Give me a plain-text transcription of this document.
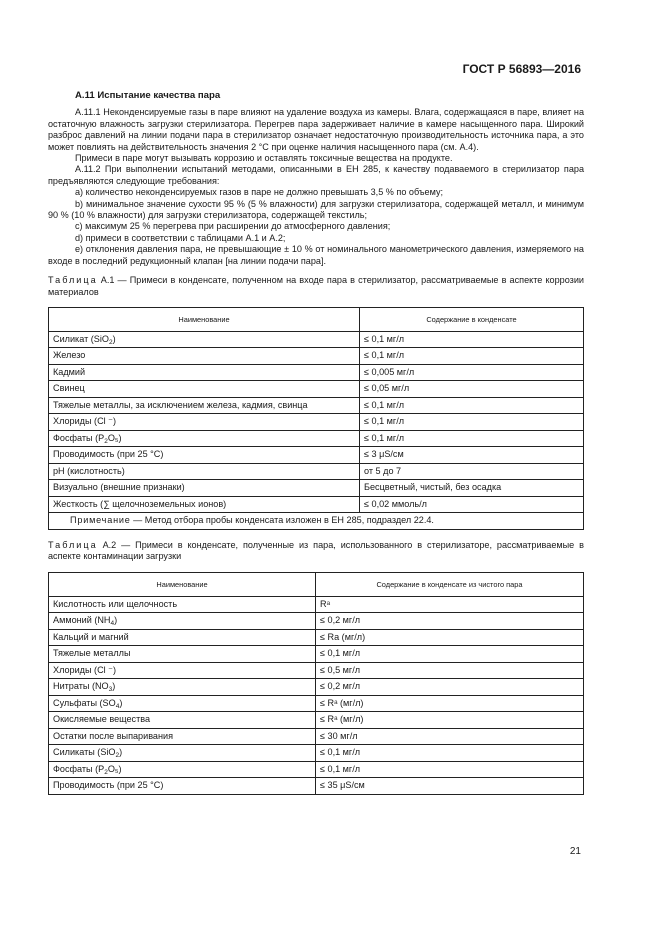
ГОСТ Р 56893—2016
А.11 Испытание качества пара

А.11.1 Неконденсируемые газы в паре влияют на удаление воздуха из камеры. Влага, содержащаяся в паре, влияет на остаточную влажность загрузки стерилизатора. Перегрев пара задерживает наличие в камере насыщенного пара. Широкий разброс давлений на линии подачи пара в стерилизатор означает недостаточную производительность источника пара, а это может повлиять на действительность значения 2 °С при оценке наличия насыщенного пара (см. А.4).

Примеси в паре могут вызывать коррозию и оставлять токсичные вещества на продукте.

А.11.2 При выполнении испытаний методами, описанными в ЕН 285, к качеству подаваемого в стерилизатор пара предъявляются следующие требования:

а) количество неконденсируемых газов в паре не должно превышать 3,5 % по объему;

b) минимальное значение сухости 95 % (5 % влажности) для загрузки стерилизатора, содержащей металл, и минимум 90 % (10 % влажности) для загрузки стерилизатора, содержащей текстиль;

с) максимум 25 % перегрева при расширении до атмосферного давления;

d) примеси в соответствии с таблицами А.1 и А.2;

е) отклонения давления пара, не превышающие ± 10 % от номинального манометрического давления, измеряемого на входе в последний редукционный клапан [на линии подачи пара].

Таблица А.1 — Примеси в конденсате, полученном на входе пара в стерилизатор, рассматриваемые в аспекте коррозии материалов

Наименование	Содержание в конденсате
Силикат (SiO$_2$)	≤ 0,1 мг/л
Железо	≤ 0,1 мг/л
Кадмий	≤ 0,005 мг/л
Свинец	≤ 0,05 мг/л
Тяжелые металлы, за исключением железа, кадмия, свинца	≤ 0,1 мг/л
Хлориды (Cl ⁻)	≤ 0,1 мг/л
Фосфаты $(P_2O_5)$	≤ 0,1 мг/л
Проводимость (при 25 °C)	≤ 3 μS/см
pH (кислотность)	от 5 до 7
Визуально (внешние признаки)	Бесцветный, чистый, без осадка
Жесткость (∑ щелочноземельных ионов)	≤ 0,02 ммоль/л
Примечание — Метод отбора пробы конденсата изложен в ЕН 285, подраздел 22.4.	

Таблица А.2 — Примеси в конденсате, полученные из пара, использованного в стерилизаторе, рассматриваемые в аспекте контаминации загрузки

Наименование	Содержание в конденсате из чистого пара
Кислотность или щелочность	Rᵃ
Аммоний $(NH_4)$	≤ 0,2 мг/л
Кальций и магний	≤ Ra (мг/л)
Тяжелые металлы	≤ 0,1 мг/л
Хлориды (Cl ⁻)	≤ 0,5 мг/л
Нитраты $(NO_3)$	≤ 0,2 мг/л
Сульфаты $(SO_4)$	≤ Rᵃ (мг/л)
Окисляемые вещества	≤ Rᵃ (мг/л)
Остатки после выпаривания	≤ 30 мг/л
Силикаты (SiO$_2$)	≤ 0,1 мг/л
Фосфаты $(P_2O_5)$	≤ 0,1 мг/л
Проводимость (при 25 °C)	≤ 35 μS/см
21
